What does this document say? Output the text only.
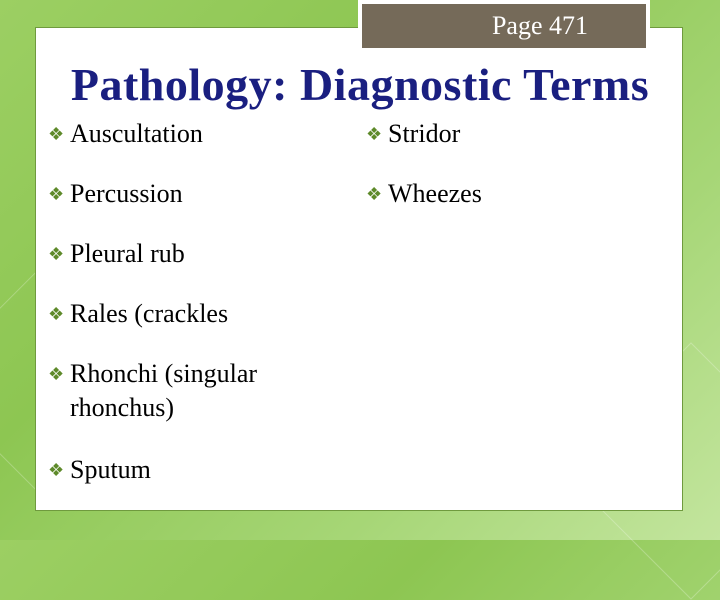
Page 471
Pathology: Diagnostic Terms
❖ Auscultation
❖ Percussion
❖ Pleural rub
❖ Rales (crackles
❖ Rhonchi (singular rhonchus)
❖ Sputum
❖ Stridor
❖ Wheezes
